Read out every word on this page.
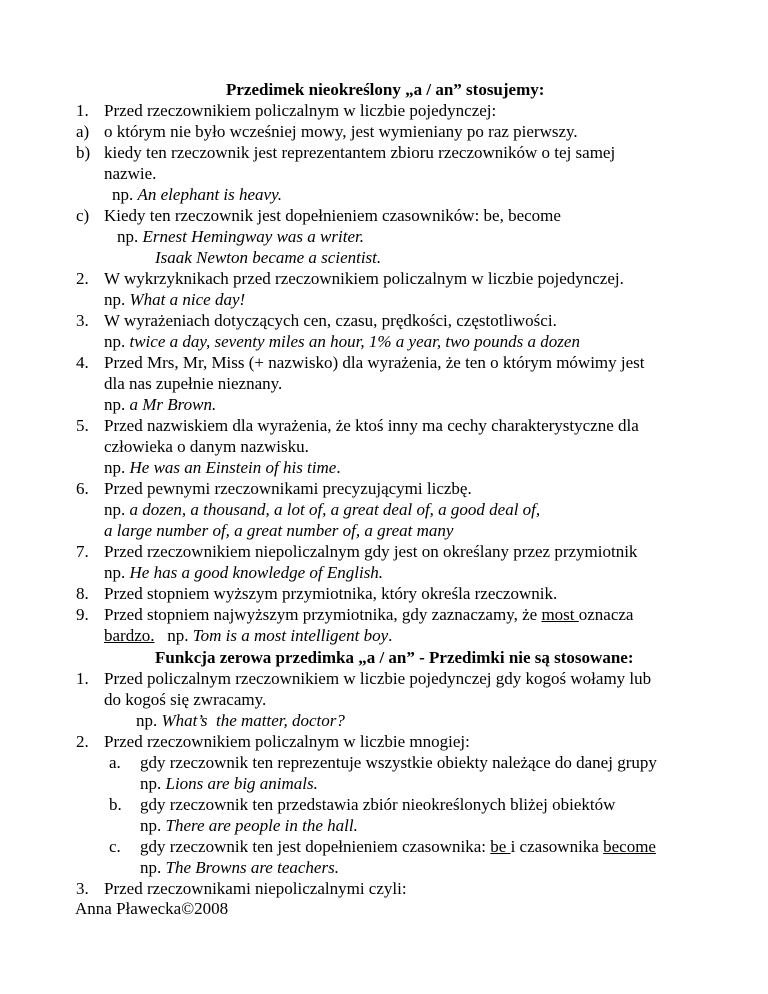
Przedimek nieokreślony „a / an” stosujemy:
1. Przed rzeczownikiem policzalnym w liczbie pojedynczej:
a) o którym nie było wcześniej mowy, jest wymieniany po raz pierwszy.
b) kiedy ten rzeczownik jest reprezentantem zbioru rzeczowników o tej samej
nazwie.
np. An elephant is heavy.
c) Kiedy ten rzeczownik jest dopełnieniem czasowników: be, become
np. Ernest Hemingway was a writer.
Isaak Newton became a scientist.
2. W wykrzyknikach przed rzeczownikiem policzalnym w liczbie pojedynczej.
np. What a nice day!
3. W wyrażeniach dotyczących cen, czasu, prędkości, częstotliwości.
np. twice a day, seventy miles an hour, 1% a year, two pounds a dozen
4. Przed Mrs, Mr, Miss (+ nazwisko) dla wyrażenia, że ten o którym mówimy jest
dla nas zupełnie nieznany.
np. a Mr Brown.
5. Przed nazwiskiem dla wyrażenia, że ktoś inny ma cechy charakterystyczne dla
człowieka o danym nazwisku.
np. He was an Einstein of his time.
6. Przed pewnymi rzeczownikami precyzującymi liczbę.
np. a dozen, a thousand, a lot of, a great deal of, a good deal of,
a large number of, a great number of, a great many
7. Przed rzeczownikiem niepoliczalnym gdy jest on określany przez przymiotnik
np. He has a good knowledge of English.
8. Przed stopniem wyższym przymiotnika, który określa rzeczownik.
9. Przed stopniem najwyższym przymiotnika, gdy zaznaczamy, że most oznacza
bardzo.   np. Tom is a most intelligent boy.
Funkcja zerowa przedimka „a / an” - Przedimki nie są stosowane:
1. Przed policzalnym rzeczownikiem w liczbie pojedynczej gdy kogoś wołamy lub
do kogoś się zwracamy.
np. What’s  the matter, doctor?
2. Przed rzeczownikiem policzalnym w liczbie mnogiej:
a. gdy rzeczownik ten reprezentuje wszystkie obiekty należące do danej grupy
np. Lions are big animals.
b. gdy rzeczownik ten przedstawia zbiór nieokreślonych bliżej obiektów
np. There are people in the hall.
c. gdy rzeczownik ten jest dopełnieniem czasownika: be i czasownika become
np. The Browns are teachers.
3. Przed rzeczownikami niepoliczalnymi czyli:
Anna Pławecka©2008
